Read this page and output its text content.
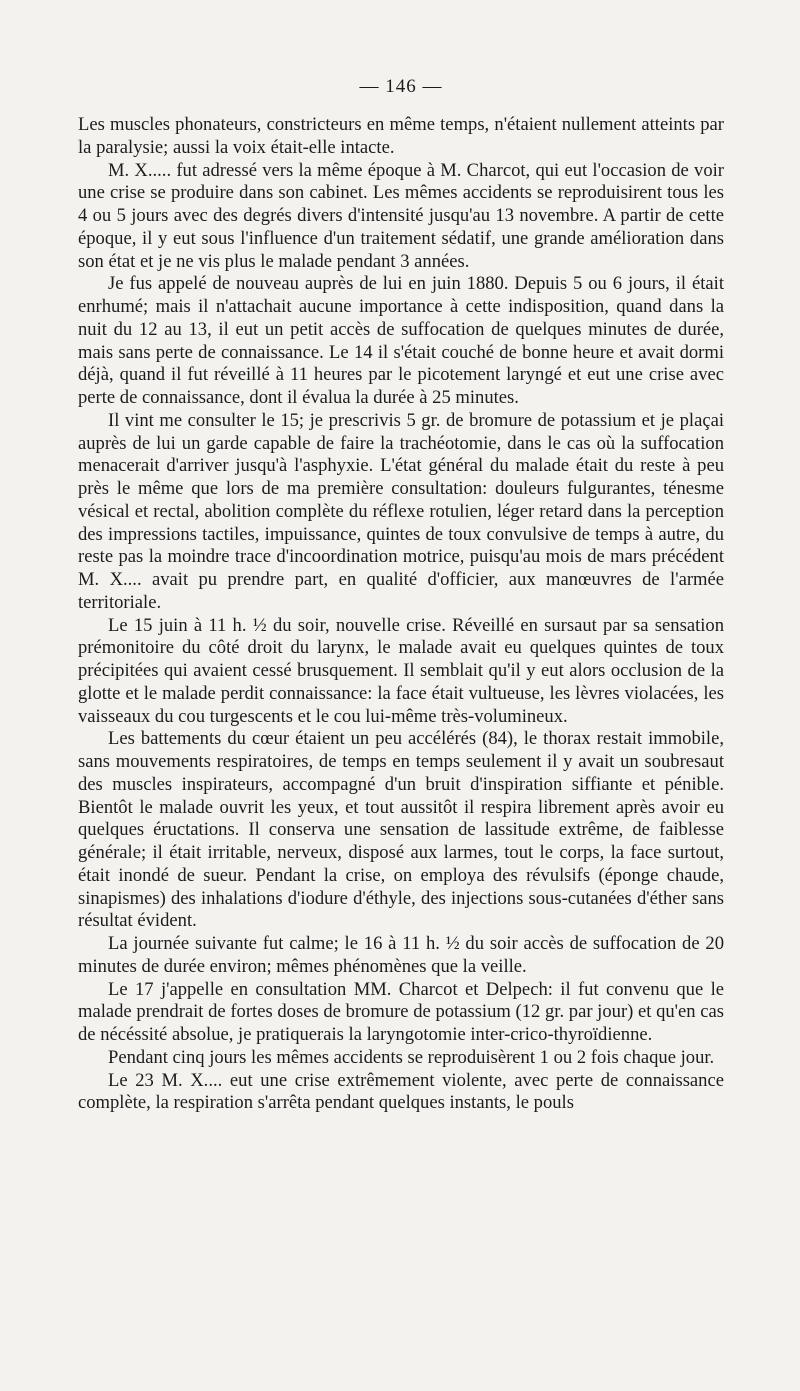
— 146 —

Les muscles phonateurs, constricteurs en même temps, n'étaient nullement atteints par la paralysie; aussi la voix était-elle intacte.

M. X..... fut adressé vers la même époque à M. Charcot, qui eut l'occasion de voir une crise se produire dans son cabinet. Les mêmes accidents se reproduisirent tous les 4 ou 5 jours avec des degrés divers d'intensité jusqu'au 13 novembre. A partir de cette époque, il y eut sous l'influence d'un traitement sédatif, une grande amélioration dans son état et je ne vis plus le malade pendant 3 années.

Je fus appelé de nouveau auprès de lui en juin 1880. Depuis 5 ou 6 jours, il était enrhumé; mais il n'attachait aucune importance à cette indisposition, quand dans la nuit du 12 au 13, il eut un petit accès de suffocation de quelques minutes de durée, mais sans perte de connaissance. Le 14 il s'était couché de bonne heure et avait dormi déjà, quand il fut réveillé à 11 heures par le picotement laryngé et eut une crise avec perte de connaissance, dont il évalua la durée à 25 minutes.

Il vint me consulter le 15; je prescrivis 5 gr. de bromure de potassium et je plaçai auprès de lui un garde capable de faire la trachéotomie, dans le cas où la suffocation menacerait d'arriver jusqu'à l'asphyxie. L'état général du malade était du reste à peu près le même que lors de ma première consultation: douleurs fulgurantes, ténesme vésical et rectal, abolition complète du réflexe rotulien, léger retard dans la perception des impressions tactiles, impuissance, quintes de toux convulsive de temps à autre, du reste pas la moindre trace d'incoordination motrice, puisqu'au mois de mars précédent M. X.... avait pu prendre part, en qualité d'officier, aux manœuvres de l'armée territoriale.

Le 15 juin à 11 h. ½ du soir, nouvelle crise. Réveillé en sursaut par sa sensation prémonitoire du côté droit du larynx, le malade avait eu quelques quintes de toux précipitées qui avaient cessé brusquement. Il semblait qu'il y eut alors occlusion de la glotte et le malade perdit connaissance: la face était vultueuse, les lèvres violacées, les vaisseaux du cou turgescents et le cou lui-même très-volumineux.

Les battements du cœur étaient un peu accélérés (84), le thorax restait immobile, sans mouvements respiratoires, de temps en temps seulement il y avait un soubresaut des muscles inspirateurs, accompagné d'un bruit d'inspiration siffiante et pénible. Bientôt le malade ouvrit les yeux, et tout aussitôt il respira librement après avoir eu quelques éructations. Il conserva une sensation de lassitude extrême, de faiblesse générale; il était irritable, nerveux, disposé aux larmes, tout le corps, la face surtout, était inondé de sueur. Pendant la crise, on employa des révulsifs (éponge chaude, sinapismes) des inhalations d'iodure d'éthyle, des injections sous-cutanées d'éther sans résultat évident.

La journée suivante fut calme; le 16 à 11 h. ½ du soir accès de suffocation de 20 minutes de durée environ; mêmes phénomènes que la veille.

Le 17 j'appelle en consultation MM. Charcot et Delpech: il fut convenu que le malade prendrait de fortes doses de bromure de potassium (12 gr. par jour) et qu'en cas de nécéssité absolue, je pratiquerais la laryngotomie inter-crico-thyroïdienne.

Pendant cinq jours les mêmes accidents se reproduisèrent 1 ou 2 fois chaque jour.

Le 23 M. X.... eut une crise extrêmement violente, avec perte de connaissance complète, la respiration s'arrêta pendant quelques instants, le pouls
